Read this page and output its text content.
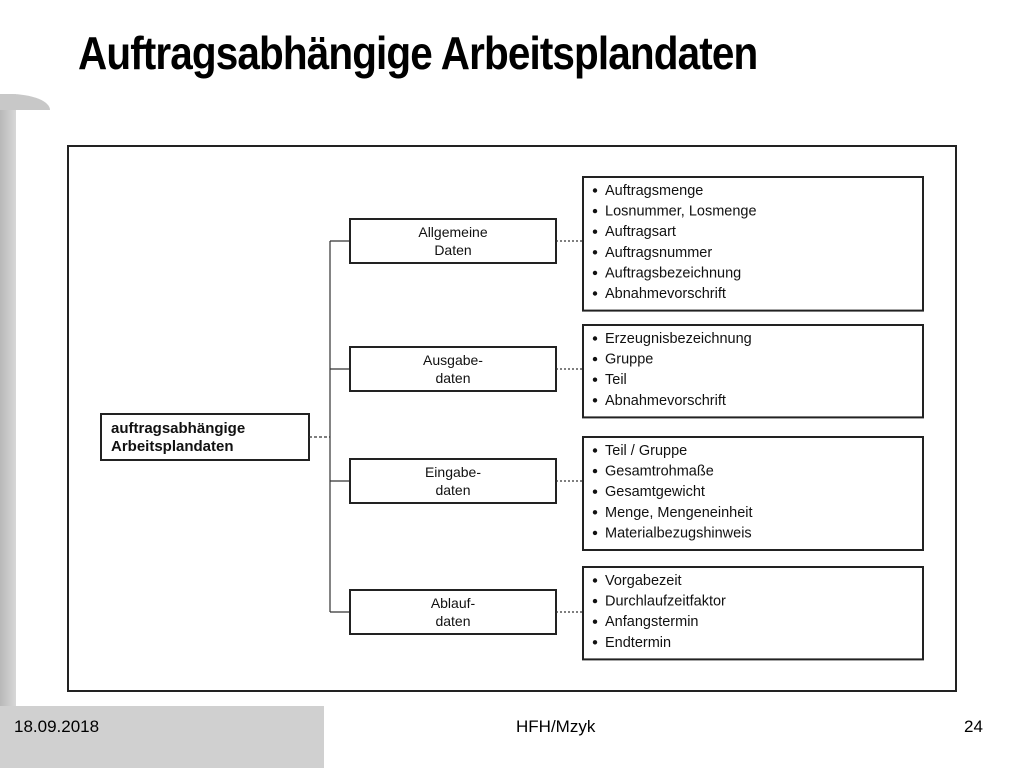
Auftragsabhängige Arbeitsplandaten
auftragsabhängige
Arbeitsplandaten
Allgemeine
Daten
Auftragsmenge
Losnummer, Losmenge
Auftragsart
Auftragsnummer
Auftragsbezeichnung
Abnahmevorschrift
Ausgabe-
daten
Erzeugnisbezeichnung
Gruppe
Teil
Abnahmevorschrift
Eingabe-
daten
Teil / Gruppe
Gesamtrohmaße
Gesamtgewicht
Menge, Mengeneinheit
Materialbezugshinweis
Ablauf-
daten
Vorgabezeit
Durchlaufzeitfaktor
Anfangstermin
Endtermin
18.09.2018	HFH/Mzyk	24
